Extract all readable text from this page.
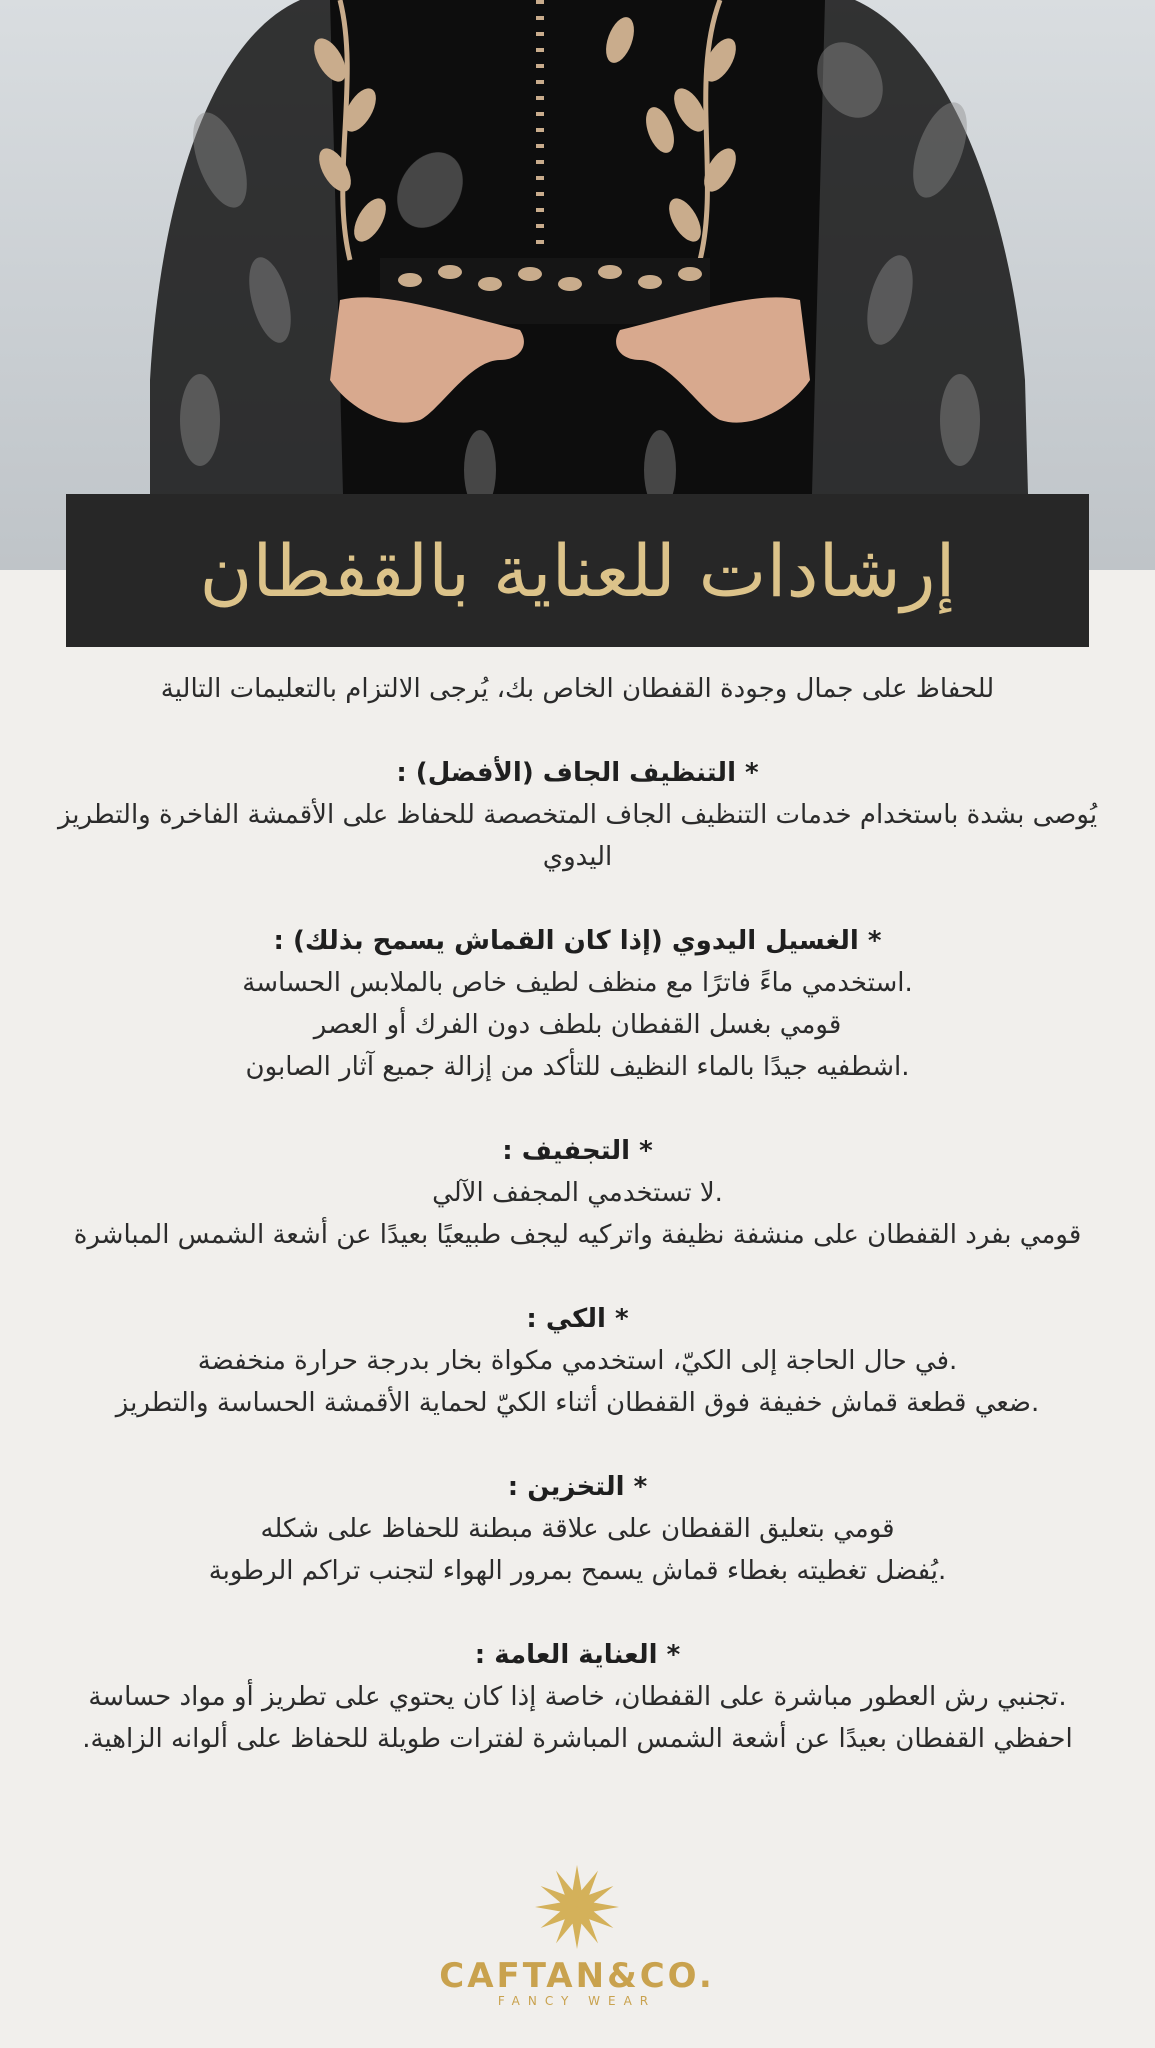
إرشادات للعناية بالقفطان

للحفاظ على جمال وجودة القفطان الخاص بك، يُرجى الالتزام بالتعليمات التالية

* التنظيف الجاف (الأفضل) :

يُوصى بشدة باستخدام خدمات التنظيف الجاف المتخصصة للحفاظ على الأقمشة الفاخرة والتطريز اليدوي

* الغسيل اليدوي (إذا كان القماش يسمح بذلك) :

.استخدمي ماءً فاترًا مع منظف لطيف خاص بالملابس الحساسة

قومي بغسل القفطان بلطف دون الفرك أو العصر

.اشطفيه جيدًا بالماء النظيف للتأكد من إزالة جميع آثار الصابون

* التجفيف :

.لا تستخدمي المجفف الآلي

قومي بفرد القفطان على منشفة نظيفة واتركيه ليجف طبيعيًا بعيدًا عن أشعة الشمس المباشرة

* الكي :

.في حال الحاجة إلى الكيّ، استخدمي مكواة بخار بدرجة حرارة منخفضة

.ضعي قطعة قماش خفيفة فوق القفطان أثناء الكيّ لحماية الأقمشة الحساسة والتطريز

* التخزين :

قومي بتعليق القفطان على علاقة مبطنة للحفاظ على شكله

.يُفضل تغطيته بغطاء قماش يسمح بمرور الهواء لتجنب تراكم الرطوبة

* العناية العامة :

.تجنبي رش العطور مباشرة على القفطان، خاصة إذا كان يحتوي على تطريز أو مواد حساسة

احفظي القفطان بعيدًا عن أشعة الشمس المباشرة لفترات طويلة للحفاظ على ألوانه الزاهية.

CAFTAN&CO.
FANCY WEAR
